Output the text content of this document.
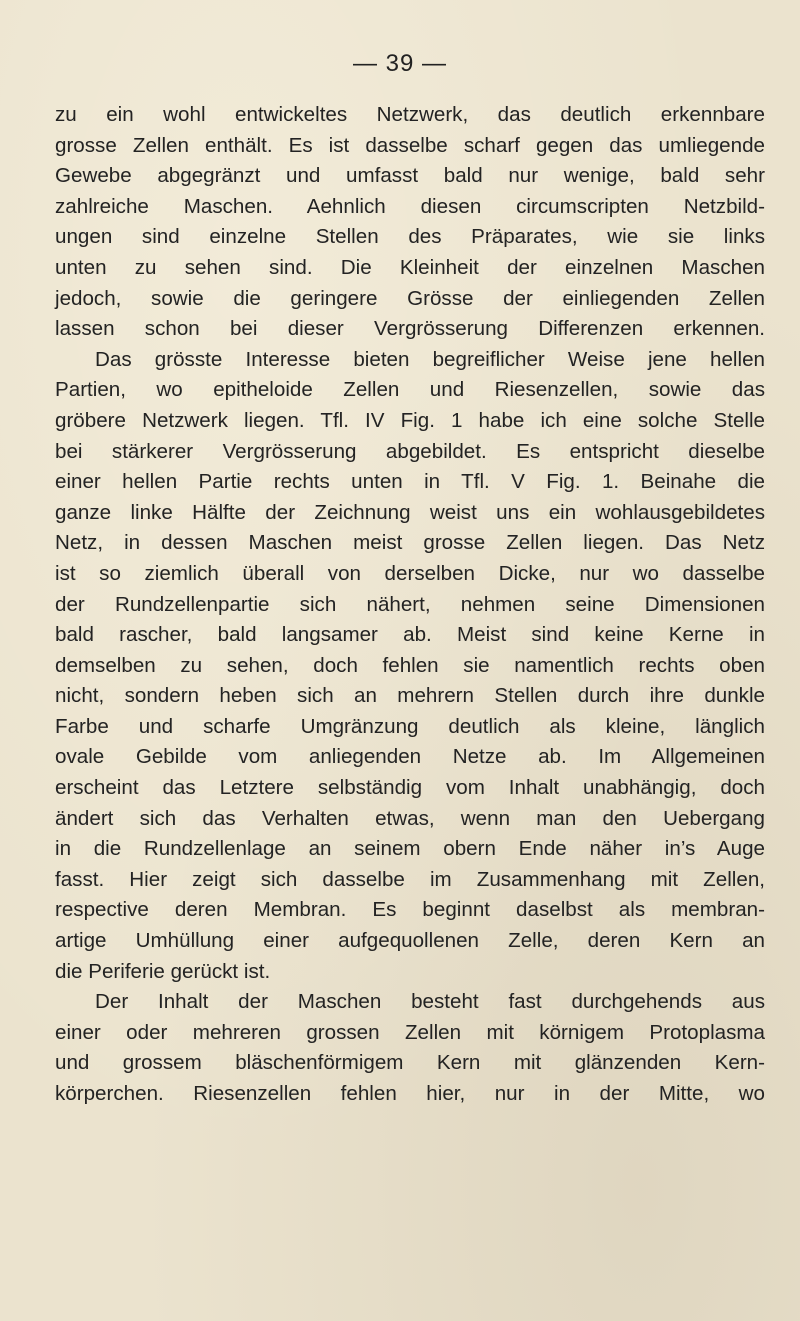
— 39 —
zu ein wohl entwickeltes Netzwerk, das deutlich erkennbare
grosse Zellen enthält. Es ist dasselbe scharf gegen das umliegende
Gewebe abgegränzt und umfasst bald nur wenige, bald sehr
zahlreiche Maschen. Aehnlich diesen circumscripten Netzbild-
ungen sind einzelne Stellen des Präparates, wie sie links
unten zu sehen sind. Die Kleinheit der einzelnen Maschen
jedoch, sowie die geringere Grösse der einliegenden Zellen
lassen schon bei dieser Vergrösserung Differenzen erkennen.
Das grösste Interesse bieten begreiflicher Weise jene hellen
Partien, wo epitheloide Zellen und Riesenzellen, sowie das
gröbere Netzwerk liegen. Tfl. IV Fig. 1 habe ich eine solche Stelle
bei stärkerer Vergrösserung abgebildet. Es entspricht dieselbe
einer hellen Partie rechts unten in Tfl. V Fig. 1. Beinahe die
ganze linke Hälfte der Zeichnung weist uns ein wohlausgebildetes
Netz, in dessen Maschen meist grosse Zellen liegen. Das Netz
ist so ziemlich überall von derselben Dicke, nur wo dasselbe
der Rundzellenpartie sich nähert, nehmen seine Dimensionen
bald rascher, bald langsamer ab. Meist sind keine Kerne in
demselben zu sehen, doch fehlen sie namentlich rechts oben
nicht, sondern heben sich an mehrern Stellen durch ihre dunkle
Farbe und scharfe Umgränzung deutlich als kleine, länglich
ovale Gebilde vom anliegenden Netze ab. Im Allgemeinen
erscheint das Letztere selbständig vom Inhalt unabhängig, doch
ändert sich das Verhalten etwas, wenn man den Uebergang
in die Rundzellenlage an seinem obern Ende näher in’s Auge
fasst. Hier zeigt sich dasselbe im Zusammenhang mit Zellen,
respective deren Membran. Es beginnt daselbst als membran-
artige Umhüllung einer aufgequollenen Zelle, deren Kern an
die Periferie gerückt ist.
Der Inhalt der Maschen besteht fast durchgehends aus
einer oder mehreren grossen Zellen mit körnigem Protoplasma
und grossem bläschenförmigem Kern mit glänzenden Kern-
körperchen. Riesenzellen fehlen hier, nur in der Mitte, wo
